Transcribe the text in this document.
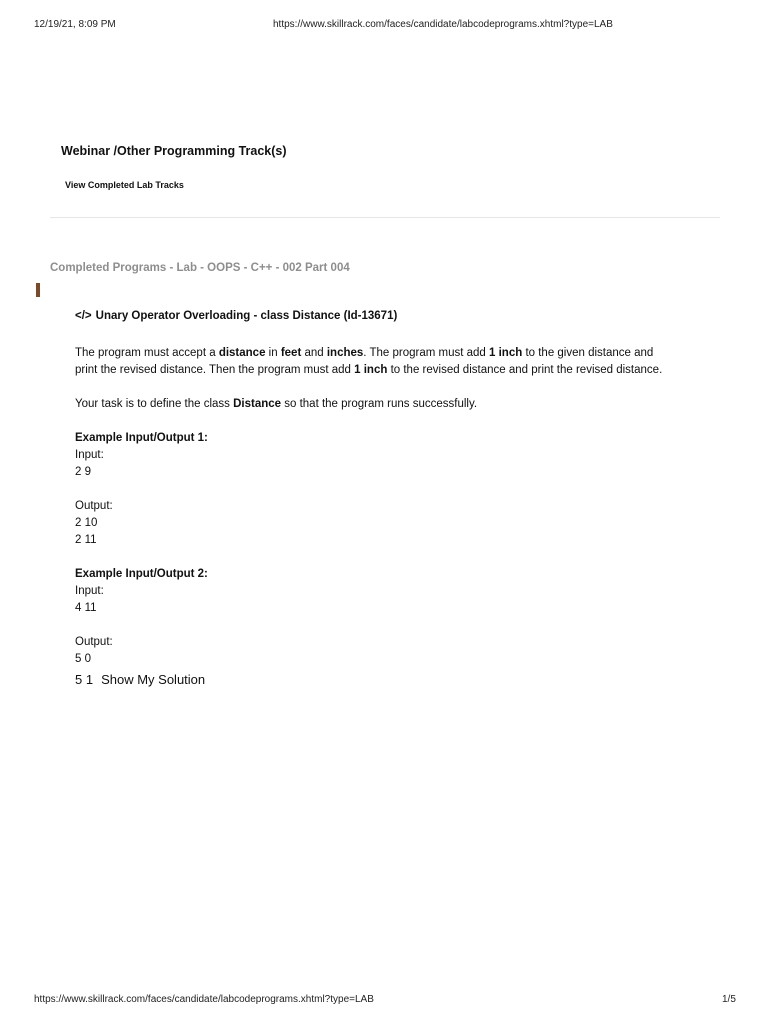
12/19/21, 8:09 PM	https://www.skillrack.com/faces/candidate/labcodeprograms.xhtml?type=LAB
Webinar /Other Programming Track(s)
View Completed Lab Tracks
Completed Programs - Lab - OOPS - C++ - 002 Part 004

</> Unary Operator Overloading - class Distance (Id-13671)

The program must accept a distance in feet and inches. The program must add 1 inch to the given distance and
print the revised distance. Then the program must add 1 inch to the revised distance and print the revised distance.

Your task is to define the class Distance so that the program runs successfully.

Example Input/Output 1:

Input:

2 9

Output:

2 10

2 11

Example Input/Output 2:

Input:

4 11

Output:

5 0

5 1 Show My Solution

https://www.skillrack.com/faces/candidate/labcodeprograms.xhtml?type=LAB	1/5
